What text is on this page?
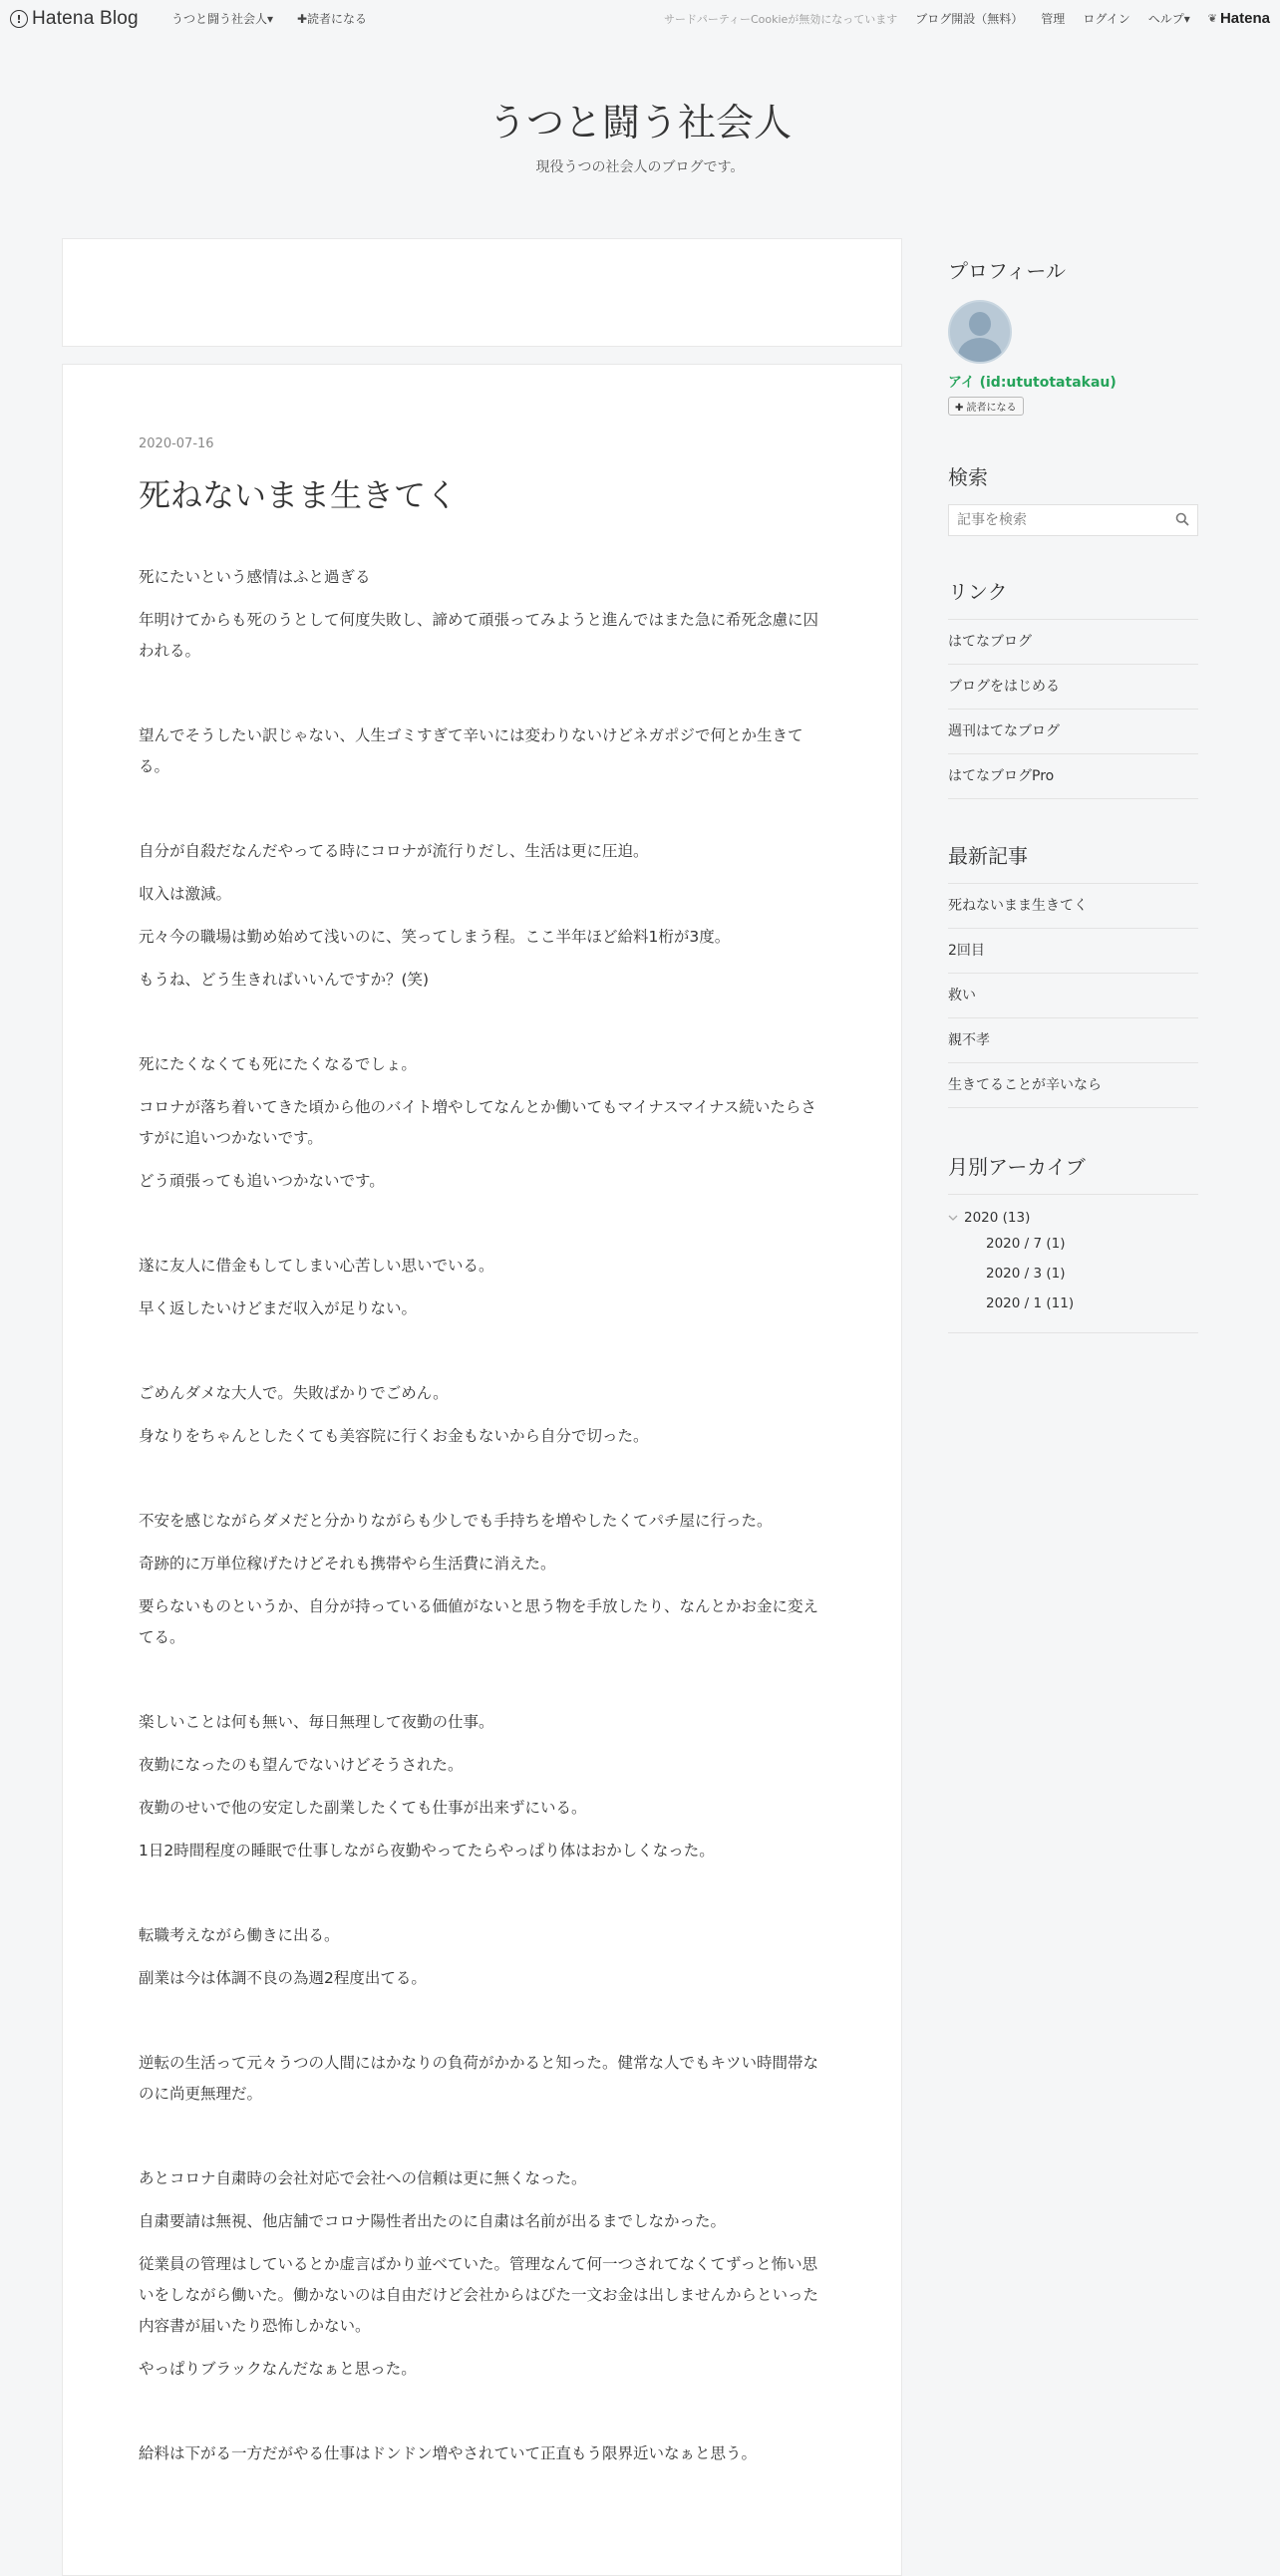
! Hatena Blog	うつと闘う社会人▾ ✚読者になる	サードパーティーCookieが無効になっています ブログ開設（無料） 管理 ログイン ヘルプ▾ ❦ Hatena
うつと闘う社会人
現役うつの社会人のブログです。
2020-07-16
死ねないまま生きてく

死にたいという感情はふと過ぎる

年明けてからも死のうとして何度失敗し、諦めて頑張ってみようと進んではまた急に希死念慮に囚われる。

望んでそうしたい訳じゃない、人生ゴミすぎて辛いには変わりないけどネガポジで何とか生きてる。

自分が自殺だなんだやってる時にコロナが流行りだし、生活は更に圧迫。

収入は激減。

元々今の職場は勤め始めて浅いのに、笑ってしまう程。ここ半年ほど給料1桁が3度。

もうね、どう生きればいいんですか？(笑)

死にたくなくても死にたくなるでしょ。

コロナが落ち着いてきた頃から他のバイト増やしてなんとか働いてもマイナスマイナス続いたらさすがに追いつかないです。

どう頑張っても追いつかないです。

遂に友人に借金もしてしまい心苦しい思いでいる。

早く返したいけどまだ収入が足りない。

ごめんダメな大人で。失敗ばかりでごめん。

身なりをちゃんとしたくても美容院に行くお金もないから自分で切った。

不安を感じながらダメだと分かりながらも少しでも手持ちを増やしたくてパチ屋に行った。

奇跡的に万単位稼げたけどそれも携帯やら生活費に消えた。

要らないものというか、自分が持っている価値がないと思う物を手放したり、なんとかお金に変えてる。

楽しいことは何も無い、毎日無理して夜勤の仕事。

夜勤になったのも望んでないけどそうされた。

夜勤のせいで他の安定した副業したくても仕事が出来ずにいる。

1日2時間程度の睡眠で仕事しながら夜勤やってたらやっぱり体はおかしくなった。

転職考えながら働きに出る。

副業は今は体調不良の為週2程度出てる。

逆転の生活って元々うつの人間にはかなりの負荷がかかると知った。健常な人でもキツい時間帯なのに尚更無理だ。

あとコロナ自粛時の会社対応で会社への信頼は更に無くなった。

自粛要請は無視、他店舗でコロナ陽性者出たのに自粛は名前が出るまでしなかった。

従業員の管理はしているとか虚言ばかり並べていた。管理なんて何一つされてなくてずっと怖い思いをしながら働いた。働かないのは自由だけど会社からはびた一文お金は出しませんからといった内容書が届いたり恐怖しかない。

やっぱりブラックなんだなぁと思った。

給料は下がる一方だがやる仕事はドンドン増やされていて正直もう限界近いなぁと思う。

プロフィール
アイ (id:ututotatakau)
✚ 読者になる
検索
記事を検索
リンク
はてなブログ
ブログをはじめる
週刊はてなブログ
はてなブログPro
最新記事
死ねないまま生きてく
2回目
救い
親不孝
生きてることが辛いなら
月別アーカイブ
2020 (13)
2020 / 7 (1)
2020 / 3 (1)
2020 / 1 (11)
